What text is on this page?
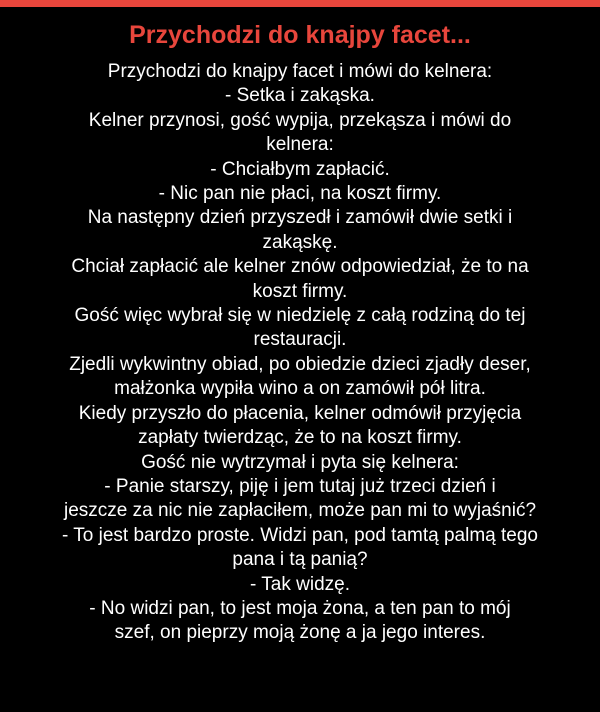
Przychodzi do knajpy facet...
Przychodzi do knajpy facet i mówi do kelnera:
- Setka i zakąska.
Kelner przynosi, gość wypija, przekąsza i mówi do
kelnera:
- Chciałbym zapłacić.
- Nic pan nie płaci, na koszt firmy.
Na następny dzień przyszedł i zamówił dwie setki i
zakąskę.
Chciał zapłacić ale kelner znów odpowiedział, że to na
koszt firmy.
Gość więc wybrał się w niedzielę z całą rodziną do tej
restauracji.
Zjedli wykwintny obiad, po obiedzie dzieci zjadły deser,
małżonka wypiła wino a on zamówił pół litra.
Kiedy przyszło do płacenia, kelner odmówił przyjęcia
zapłaty twierdząc, że to na koszt firmy.
Gość nie wytrzymał i pyta się kelnera:
- Panie starszy, piję i jem tutaj już trzeci dzień i
jeszcze za nic nie zapłaciłem, może pan mi to wyjaśnić?
- To jest bardzo proste. Widzi pan, pod tamtą palmą tego
pana i tą panią?
- Tak widzę.
- No widzi pan, to jest moja żona, a ten pan to mój
szef, on pieprzy moją żonę a ja jego interes.
